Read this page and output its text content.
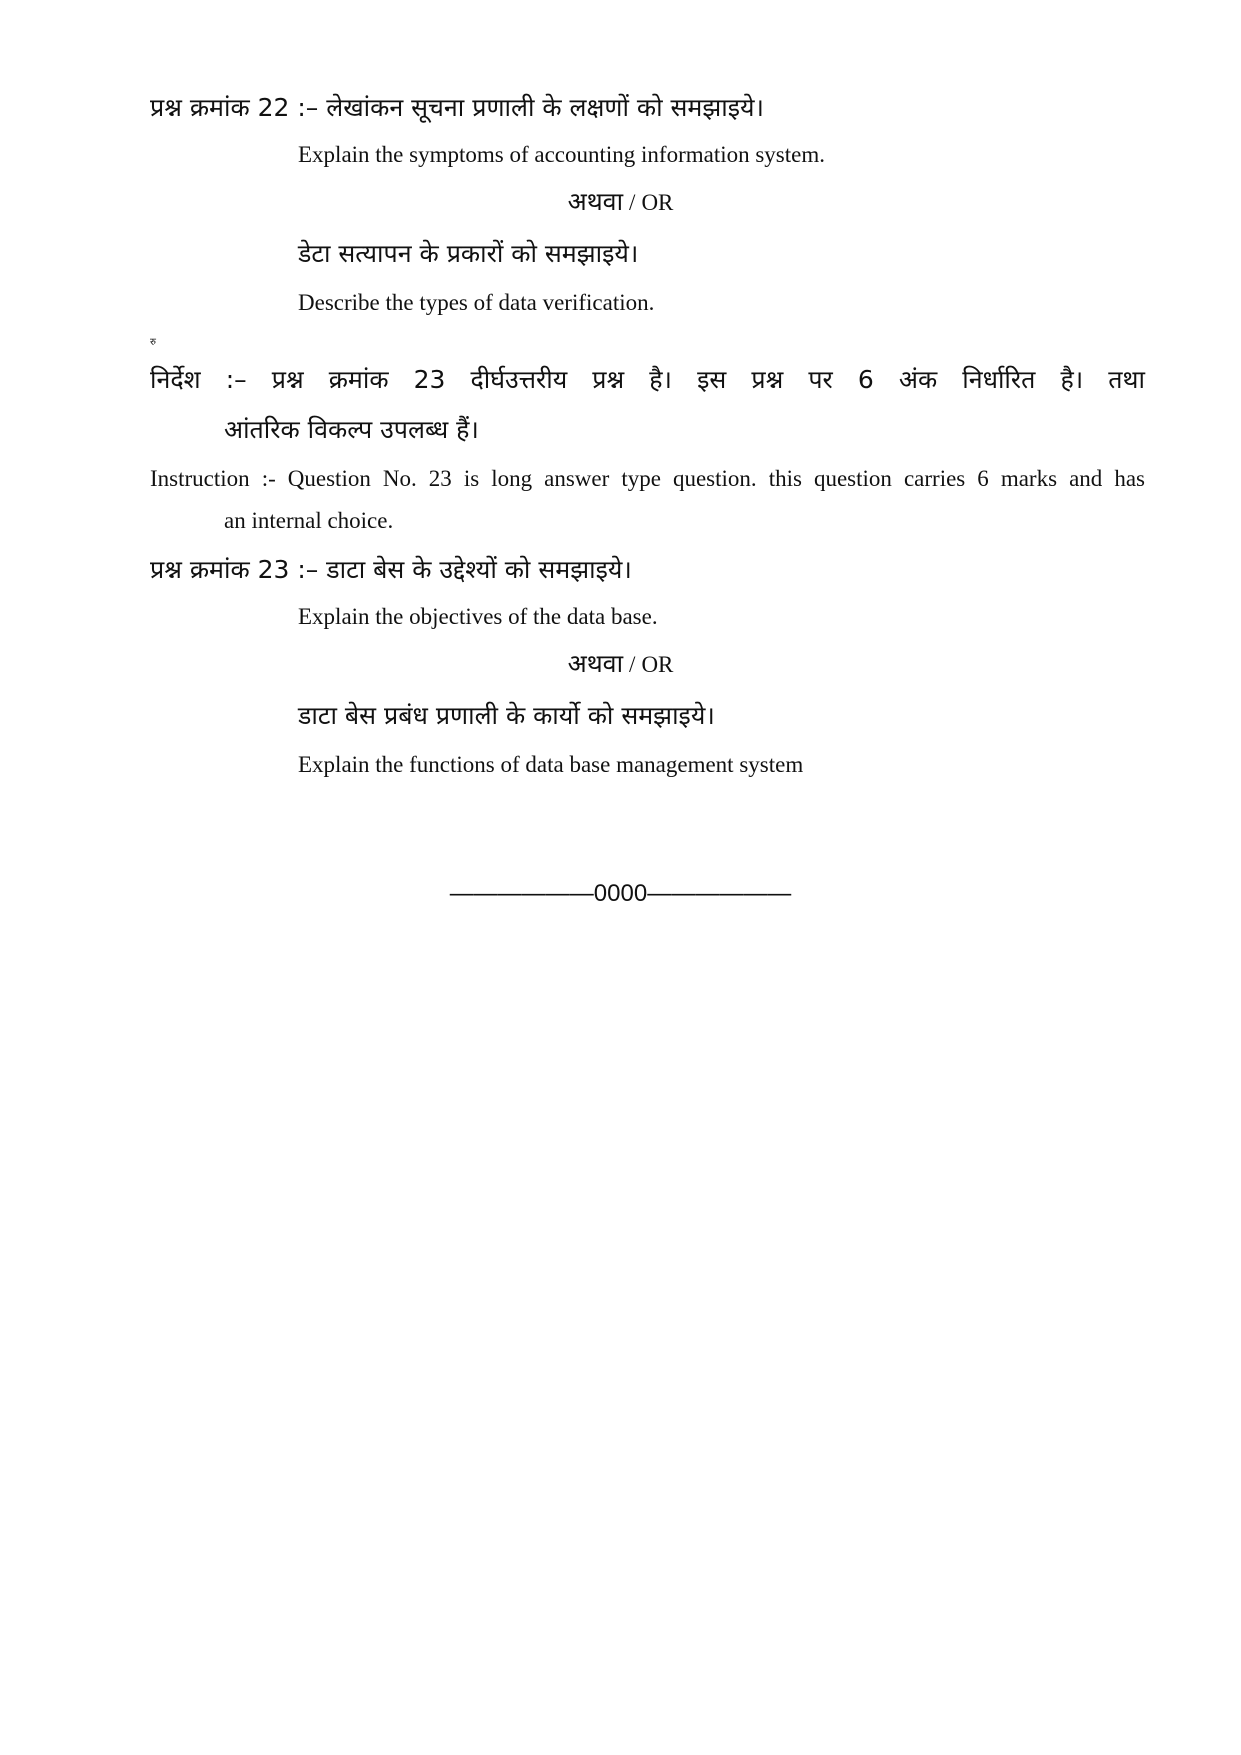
प्रश्न क्रमांक 22 :– लेखांकन सूचना प्रणाली के लक्षणों को समझाइये।
Explain the symptoms of accounting information system.
अथवा / OR
डेटा सत्यापन के प्रकारों को समझाइये।
Describe the types of data verification.
रु
निर्देश :– प्रश्न क्रमांक 23 दीर्घउत्तरीय प्रश्न है। इस प्रश्न पर 6 अंक निर्धारित है। तथा
आंतरिक विकल्प उपलब्ध हैं।
Instruction :- Question No. 23 is long answer type question. this question carries 6 marks and has
an internal choice.
प्रश्न क्रमांक 23 :– डाटा बेस के उद्देश्यों को समझाइये।
Explain the objectives of the data base.
अथवा / OR
डाटा बेस प्रबंध प्रणाली के कार्यो को समझाइये।
Explain the functions of data base management system
——————0000——————
